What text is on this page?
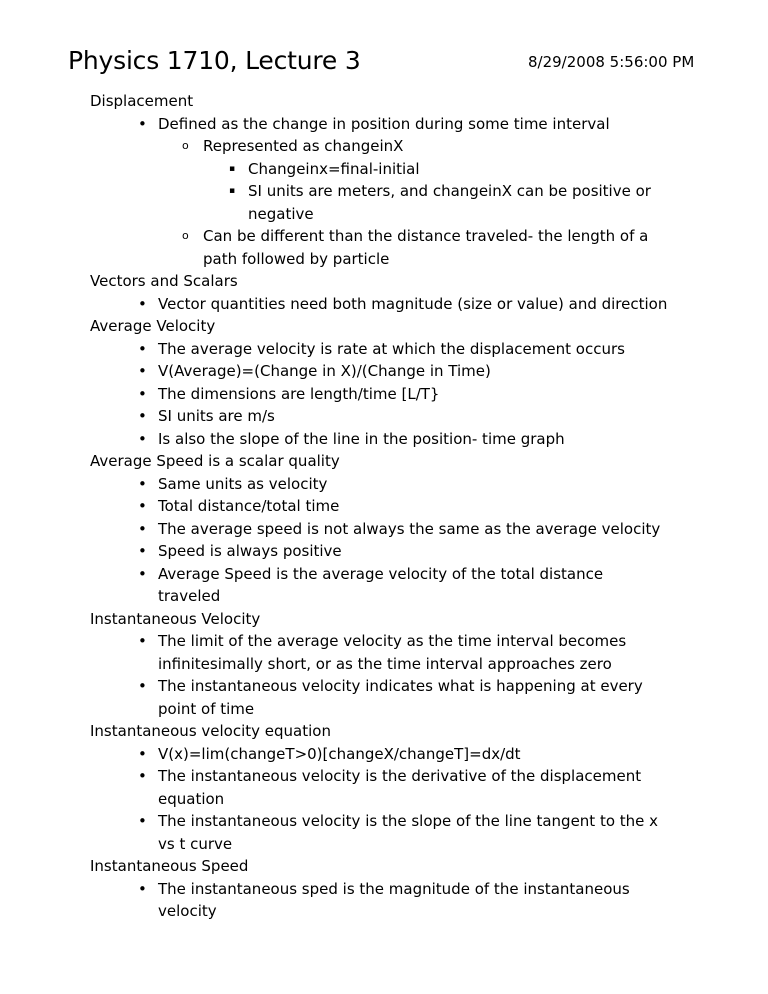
Physics 1710, Lecture 3	8/29/2008 5:56:00 PM
Displacement
• Defined as the change in position during some time interval
o Represented as changeinX
▪ Changeinx=final-initial
▪ SI units are meters, and changeinX can be positive or negative
o Can be different than the distance traveled- the length of a path followed by particle
Vectors and Scalars
• Vector quantities need both magnitude (size or value) and direction
Average Velocity
• The average velocity is rate at which the displacement occurs
• V(Average)=(Change in X)/(Change in Time)
• The dimensions are length/time [L/T}
• SI units are m/s
• Is also the slope of the line in the position- time graph
Average Speed is a scalar quality
• Same units as velocity
• Total distance/total time
• The average speed is not always the same as the average velocity
• Speed is always positive
• Average Speed is the average velocity of the total distance traveled
Instantaneous Velocity
• The limit of the average velocity as the time interval becomes infinitesimally short, or as the time interval approaches zero
• The instantaneous velocity indicates what is happening at every point of time
Instantaneous velocity equation
• V(x)=lim(changeT>0)[changeX/changeT]=dx/dt
• The instantaneous velocity is the derivative of the displacement equation
• The instantaneous velocity is the slope of the line tangent to the x vs t curve
Instantaneous Speed
• The instantaneous sped is the magnitude of the instantaneous velocity
